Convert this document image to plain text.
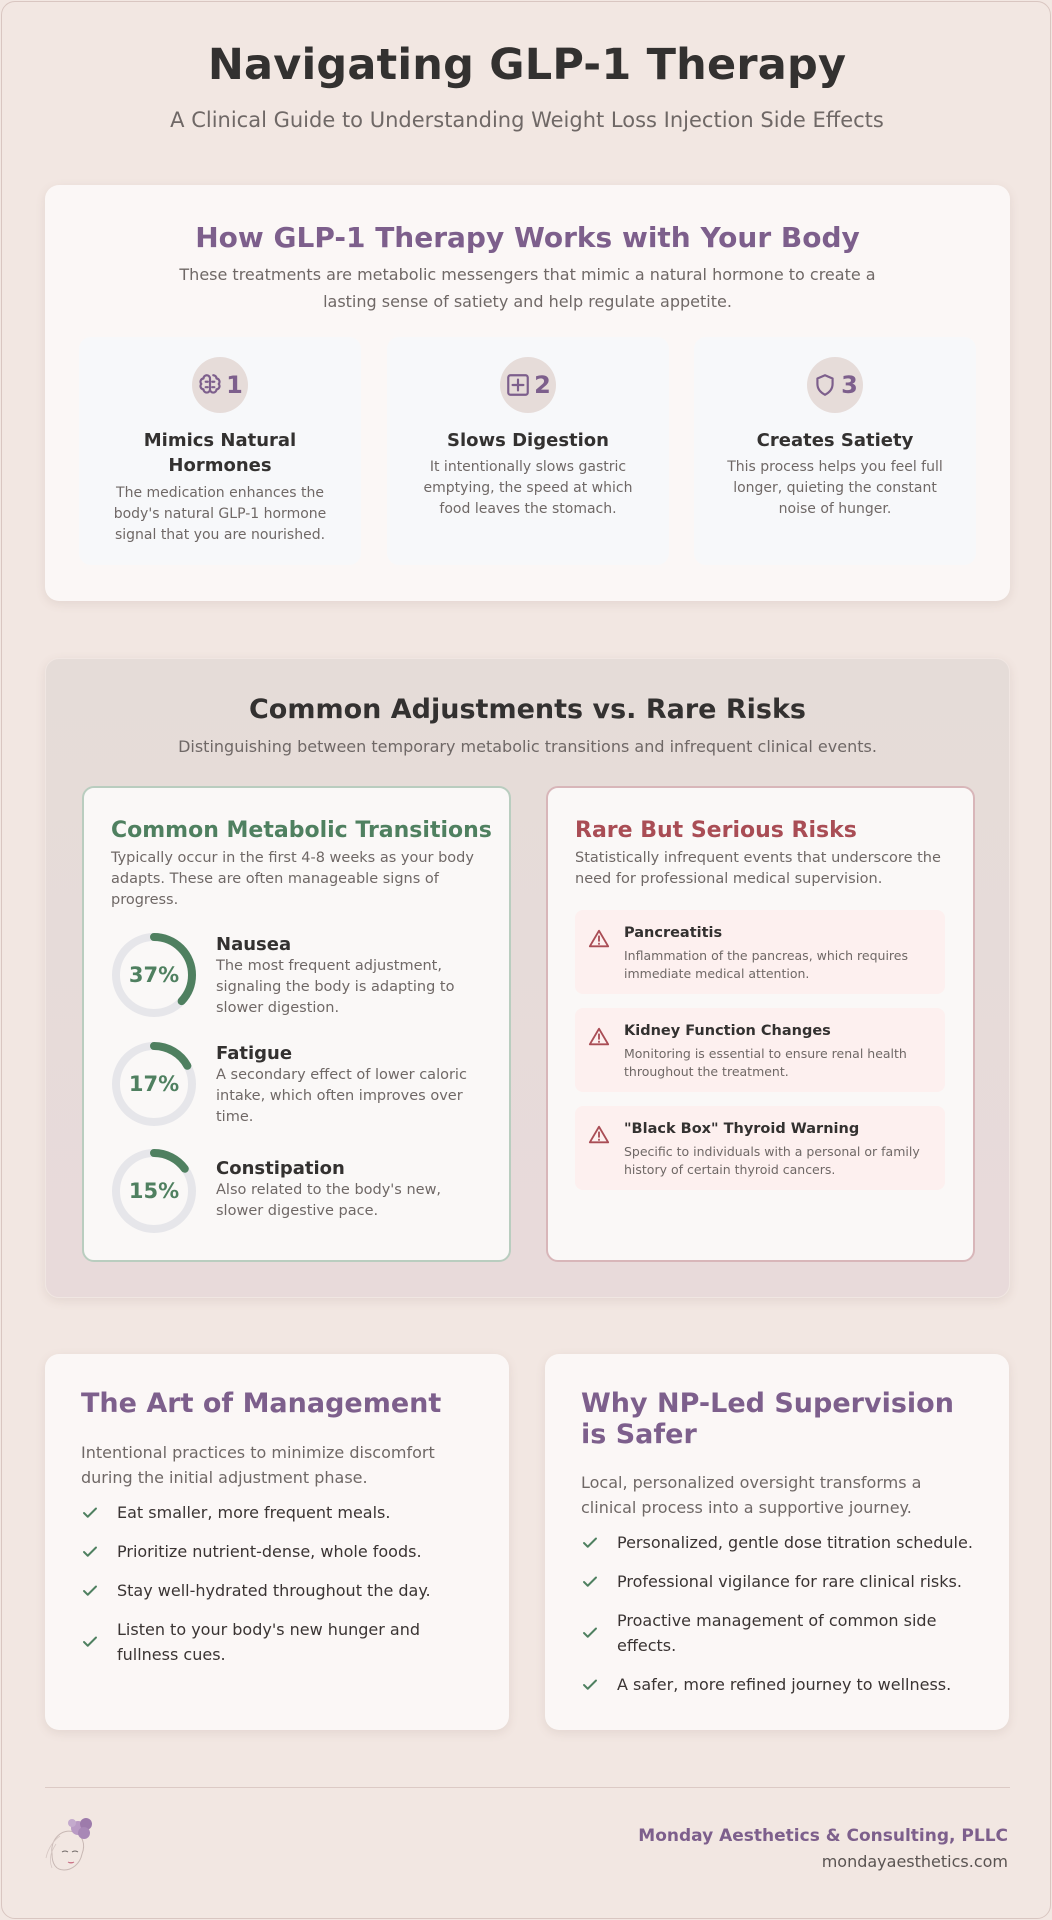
Navigating GLP-1 Therapy

A Clinical Guide to Understanding Weight Loss Injection Side Effects

How GLP-1 Therapy Works with Your Body

These treatments are metabolic messengers that mimic a natural hormone to create a lasting sense of satiety and help regulate appetite.

1
Mimics Natural Hormones

The medication enhances the body's natural GLP-1 hormone signal that you are nourished.

2
Slows Digestion

It intentionally slows gastric emptying, the speed at which food leaves the stomach.

3
Creates Satiety

This process helps you feel full longer, quieting the constant noise of hunger.

Common Adjustments vs. Rare Risks

Distinguishing between temporary metabolic transitions and infrequent clinical events.

Common Metabolic Transitions

Typically occur in the first 4-8 weeks as your body adapts. These are often manageable signs of progress.

37%
Nausea
The most frequent adjustment, signaling the body is adapting to slower digestion.
17%
Fatigue
A secondary effect of lower caloric intake, which often improves over time.
15%
Constipation
Also related to the body's new, slower digestive pace.
Rare But Serious Risks

Statistically infrequent events that underscore the need for professional medical supervision.

Pancreatitis
Inflammation of the pancreas, which requires immediate medical attention.
Kidney Function Changes
Monitoring is essential to ensure renal health throughout the treatment.
"Black Box" Thyroid Warning
Specific to individuals with a personal or family history of certain thyroid cancers.
The Art of Management

Intentional practices to minimize discomfort during the initial adjustment phase.

Eat smaller, more frequent meals.
Prioritize nutrient-dense, whole foods.
Stay well-hydrated throughout the day.
Listen to your body's new hunger and fullness cues.
Why NP-Led Supervision is Safer

Local, personalized oversight transforms a clinical process into a supportive journey.

Personalized, gentle dose titration schedule.
Professional vigilance for rare clinical risks.
Proactive management of common side effects.
A safer, more refined journey to wellness.
Monday Aesthetics & Consulting, PLLC
mondayaesthetics.com
